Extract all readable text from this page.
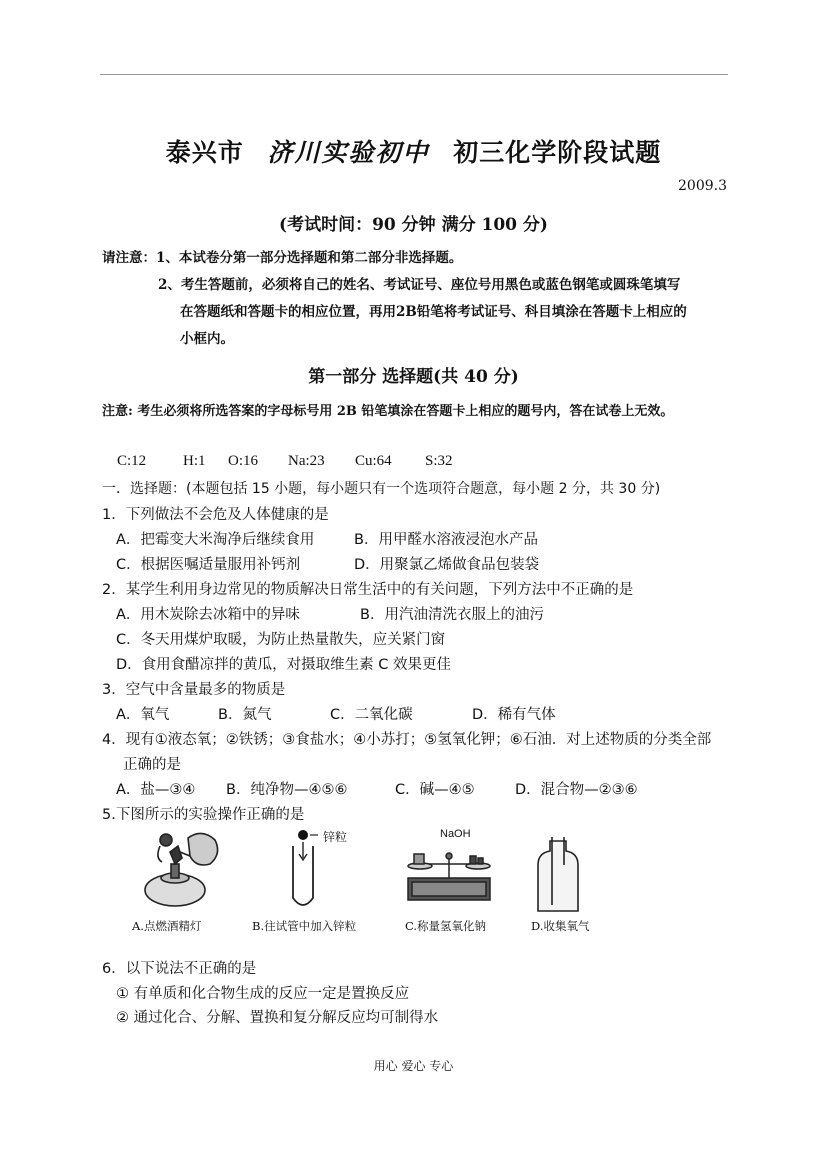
泰兴市 济川实验初中 初三化学阶段试题
2009.3
(考试时间：90 分钟 满分 100 分)
请注意：1、本试卷分第一部分选择题和第二部分非选择题。
2、考生答题前，必须将自己的姓名、考试证号、座位号用黑色或蓝色钢笔或圆珠笔填写
在答题纸和答题卡的相应位置，再用2B铅笔将考试证号、科目填涂在答题卡上相应的
小框内。
第一部分 选择题(共 40 分)
注意: 考生必须将所选答案的字母标号用 2B 铅笔填涂在答题卡上相应的题号内，答在试卷上无效。
C:12 H:1 O:16 Na:23 Cu:64 S:32
一．选择题：(本题包括 15 小题，每小题只有一个选项符合题意，每小题 2 分，共 30 分)
1．下列做法不会危及人体健康的是
A．把霉变大米淘净后继续食用	B．用甲醛水溶液浸泡水产品
C．根据医嘱适量服用补钙剂	D．用聚氯乙烯做食品包装袋
2．某学生利用身边常见的物质解决日常生活中的有关问题，下列方法中不正确的是
A．用木炭除去冰箱中的异味	B．用汽油清洗衣服上的油污
C．冬天用煤炉取暖，为防止热量散失，应关紧门窗
D．食用食醋凉拌的黄瓜，对摄取维生素 C 效果更佳
3．空气中含量最多的物质是
A．氧气	B．氮气	C．二氧化碳	D．稀有气体
4．现有①液态氧；②铁锈；③食盐水；④小苏打；⑤氢氧化钾；⑥石油．对上述物质的分类全部
正确的是
A．盐—③④ B．纯净物—④⑤⑥	C．碱—④⑤	D．混合物—②③⑥
5.下图所示的实验操作正确的是
A.点燃酒精灯
锌粒
B.往试管中加入锌粒
NaOH
C.称量氢氧化钠	D.收集氧气
6．以下说法不正确的是
① 有单质和化合物生成的反应一定是置换反应
② 通过化合、分解、置换和复分解反应均可制得水
用心 爱心 专心
